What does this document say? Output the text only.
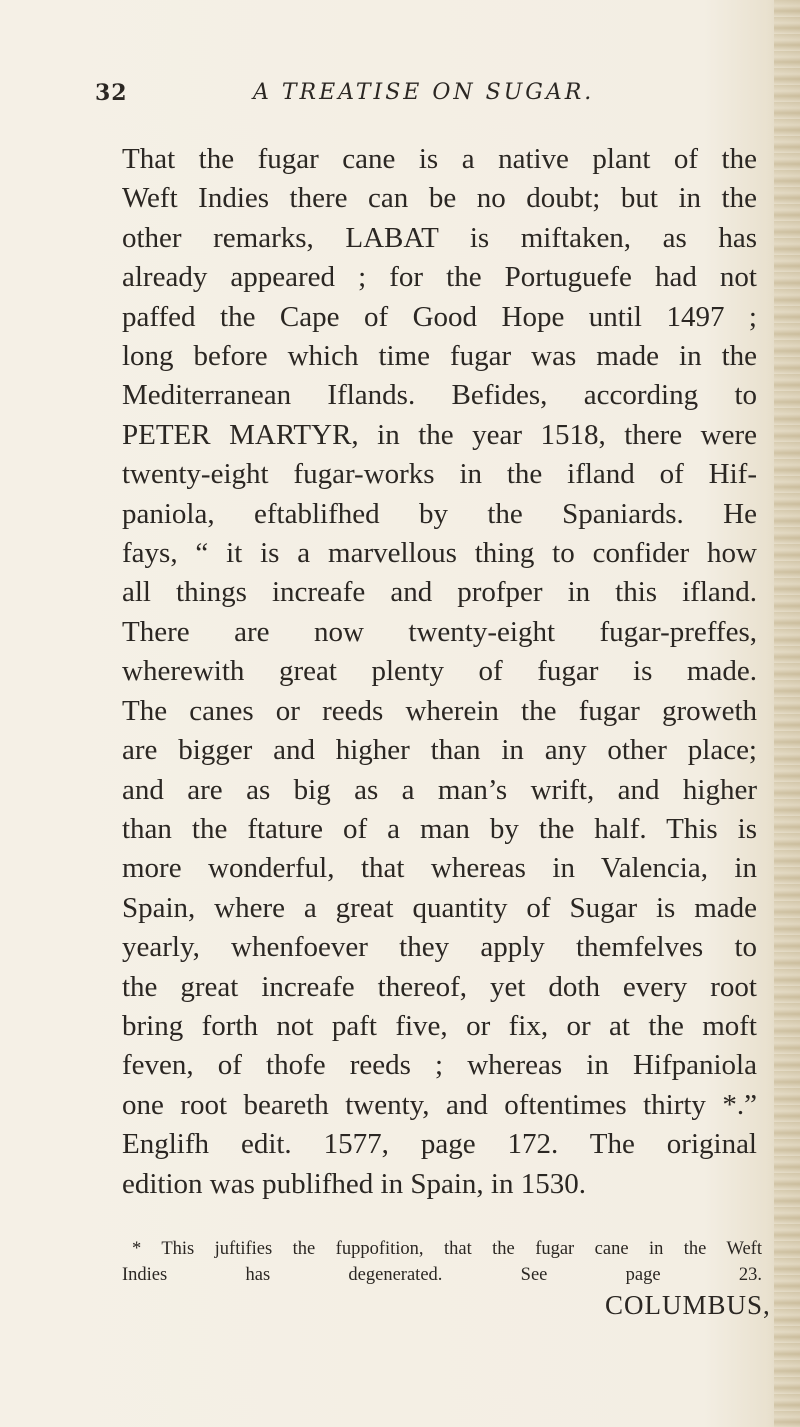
32	A TREATISE ON SUGAR.
That the fugar cane is a native plant of the
Weft Indies there can be no doubt; but in the
other remarks, LABAT is miftaken, as has
already appeared ; for the Portuguefe had not
paffed the Cape of Good Hope until 1497 ;
long before which time fugar was made in the
Mediterranean Iflands. Befides, according to
PETER MARTYR, in the year 1518, there were
twenty-eight fugar-works in the ifland of Hif-
paniola, eftablifhed by the Spaniards. He
fays, “ it is a marvellous thing to confider how
all things increafe and profper in this ifland.
There are now twenty-eight fugar-preffes,
wherewith great plenty of fugar is made.
The canes or reeds wherein the fugar groweth
are bigger and higher than in any other place;
and are as big as a man’s wrift, and higher
than the ftature of a man by the half. This is
more wonderful, that whereas in Valencia, in
Spain, where a great quantity of Sugar is made
yearly, whenfoever they apply themfelves to
the great increafe thereof, yet doth every root
bring forth not paft five, or fix, or at the moft
feven, of thofe reeds ; whereas in Hifpaniola
one root beareth twenty, and oftentimes thirty *.”
Englifh edit. 1577, page 172. The original
edition was publifhed in Spain, in 1530.
* This juftifies the fuppofition, that the fugar cane in the Weft
Indies has degenerated. See page 23.
COLUMBUS,
